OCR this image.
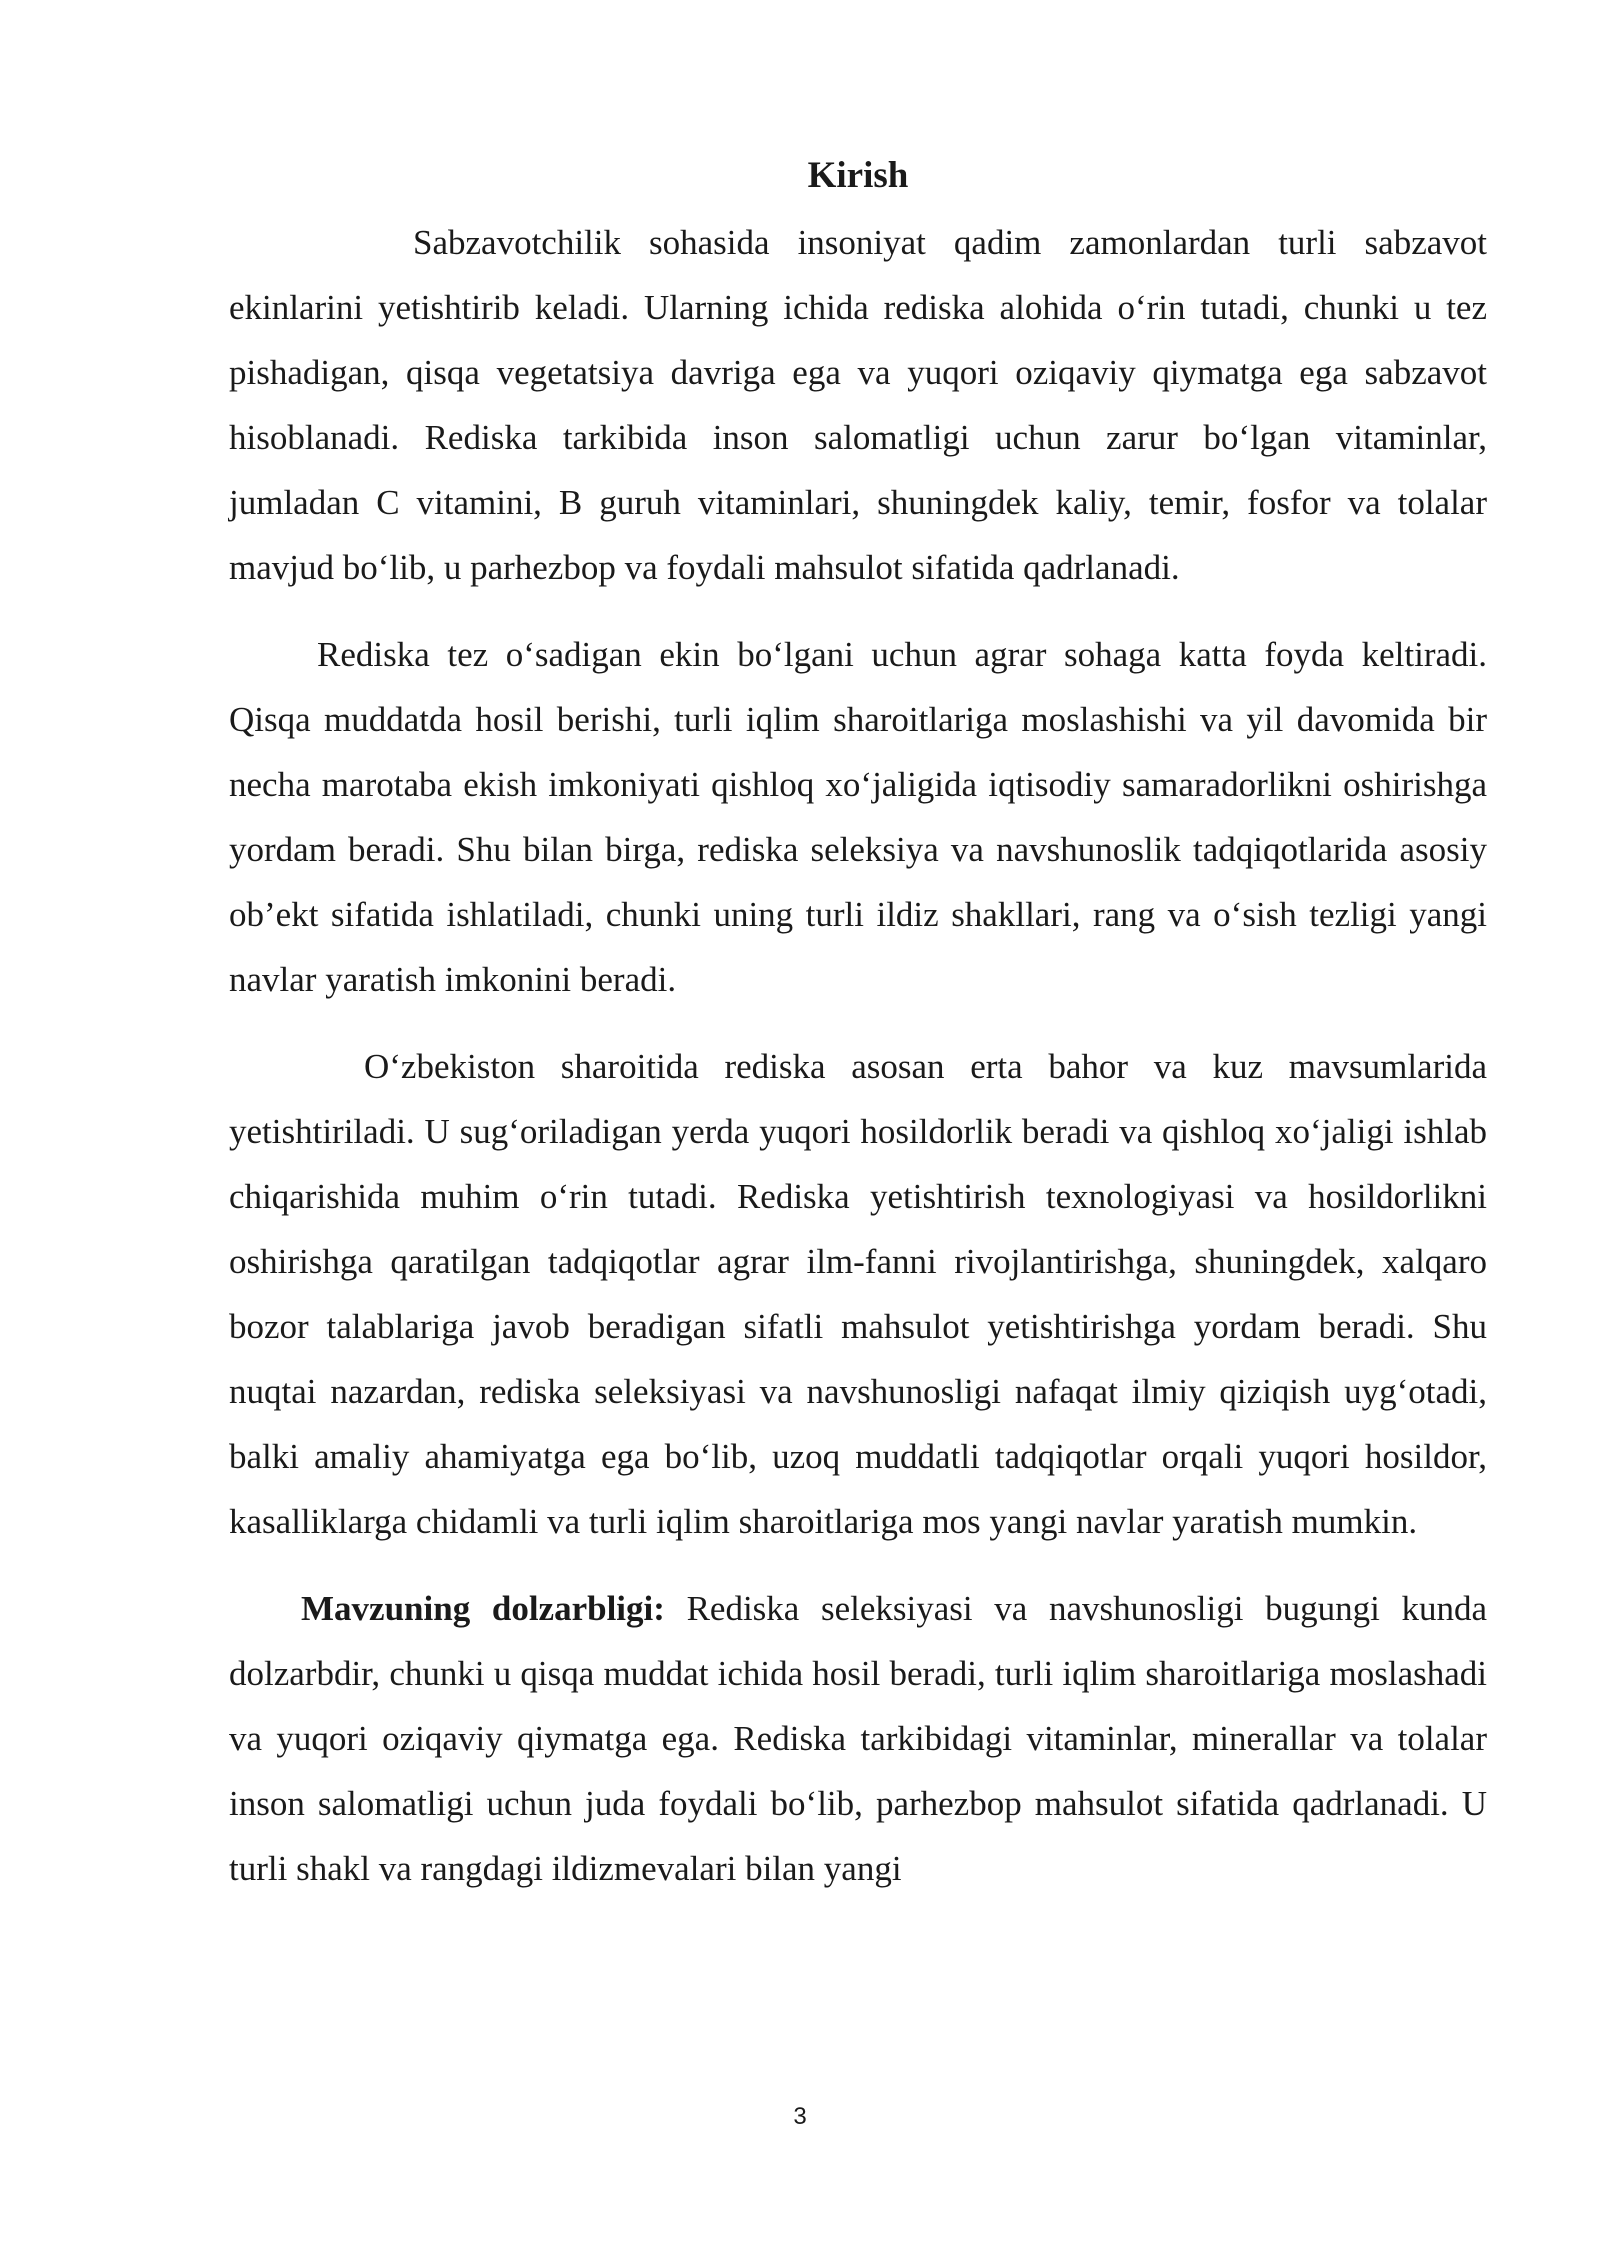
Kirish

Sabzavotchilik sohasida insoniyat qadim zamonlardan turli sabzavot ekinlarini yetishtirib keladi. Ularning ichida rediska alohida o‘rin tutadi, chunki u tez pishadigan, qisqa vegetatsiya davriga ega va yuqori oziqaviy qiymatga ega sabzavot hisoblanadi. Rediska tarkibida inson salomatligi uchun zarur bo‘lgan vitaminlar, jumladan C vitamini, B guruh vitaminlari, shuningdek kaliy, temir, fosfor va tolalar mavjud bo‘lib, u parhezbop va foydali mahsulot sifatida qadrlanadi.

Rediska tez o‘sadigan ekin bo‘lgani uchun agrar sohaga katta foyda keltiradi. Qisqa muddatda hosil berishi, turli iqlim sharoitlariga moslashishi va yil davomida bir necha marotaba ekish imkoniyati qishloq xo‘jaligida iqtisodiy samaradorlikni oshirishga yordam beradi. Shu bilan birga, rediska seleksiya va navshunoslik tadqiqotlarida asosiy ob’ekt sifatida ishlatiladi, chunki uning turli ildiz shakllari, rang va o‘sish tezligi yangi navlar yaratish imkonini beradi.

O‘zbekiston sharoitida rediska asosan erta bahor va kuz mavsumlarida yetishtiriladi. U sug‘oriladigan yerda yuqori hosildorlik beradi va qishloq xo‘jaligi ishlab chiqarishida muhim o‘rin tutadi. Rediska yetishtirish texnologiyasi va hosildorlikni oshirishga qaratilgan tadqiqotlar agrar ilm-fanni rivojlantirishga, shuningdek, xalqaro bozor talablariga javob beradigan sifatli mahsulot yetishtirishga yordam beradi. Shu nuqtai nazardan, rediska seleksiyasi va navshunosligi nafaqat ilmiy qiziqish uyg‘otadi, balki amaliy ahamiyatga ega bo‘lib, uzoq muddatli tadqiqotlar orqali yuqori hosildor, kasalliklarga chidamli va turli iqlim sharoitlariga mos yangi navlar yaratish mumkin.

Mavzuning dolzarbligi: Rediska seleksiyasi va navshunosligi bugungi kunda dolzarbdir, chunki u qisqa muddat ichida hosil beradi, turli iqlim sharoitlariga moslashadi va yuqori oziqaviy qiymatga ega. Rediska tarkibidagi vitaminlar, minerallar va tolalar inson salomatligi uchun juda foydali bo‘lib, parhezbop mahsulot sifatida qadrlanadi. U turli shakl va rangdagi ildizmevalari bilan yangi

3
